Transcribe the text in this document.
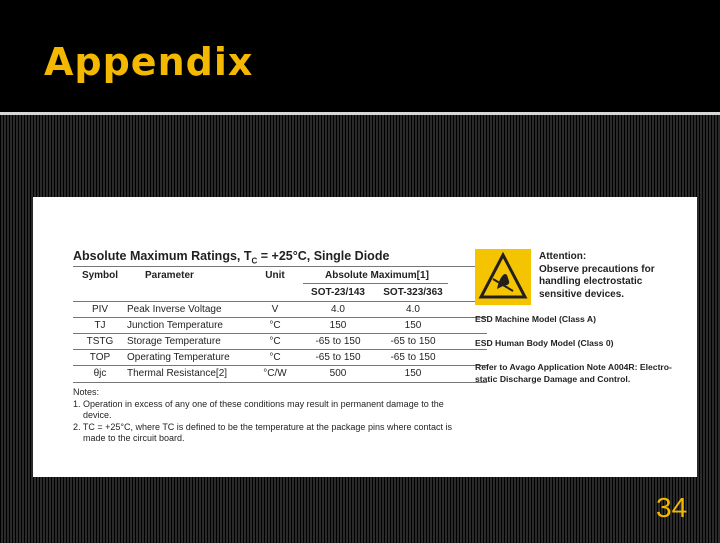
Appendix
Absolute Maximum Ratings, $T_C = +25^\circ C$, Single Diode
Symbol	Parameter	Unit	Absolute Maximum[1]
SOT-23/143	SOT-323/363
PIV	Peak Inverse Voltage	V	4.0	4.0
TJ	Junction Temperature	°C	150	150
TSTG	Storage Temperature	°C	-65 to 150	-65 to 150
TOP	Operating Temperature	°C	-65 to 150	-65 to 150
θjc	Thermal Resistance[2]	°C/W	500	150

Notes:

1. Operation in excess of any one of these conditions may result in permanent damage to the

device.

2. TC = +25°C, where TC is defined to be the temperature at the package pins where contact is

made to the circuit board.

Attention:
Observe precautions for
handling electrostatic
sensitive devices.
ESD Machine Model (Class A)
ESD Human Body Model (Class 0)
Refer to Avago Application Note A004R: Electro-
static Discharge Damage and Control.
34
